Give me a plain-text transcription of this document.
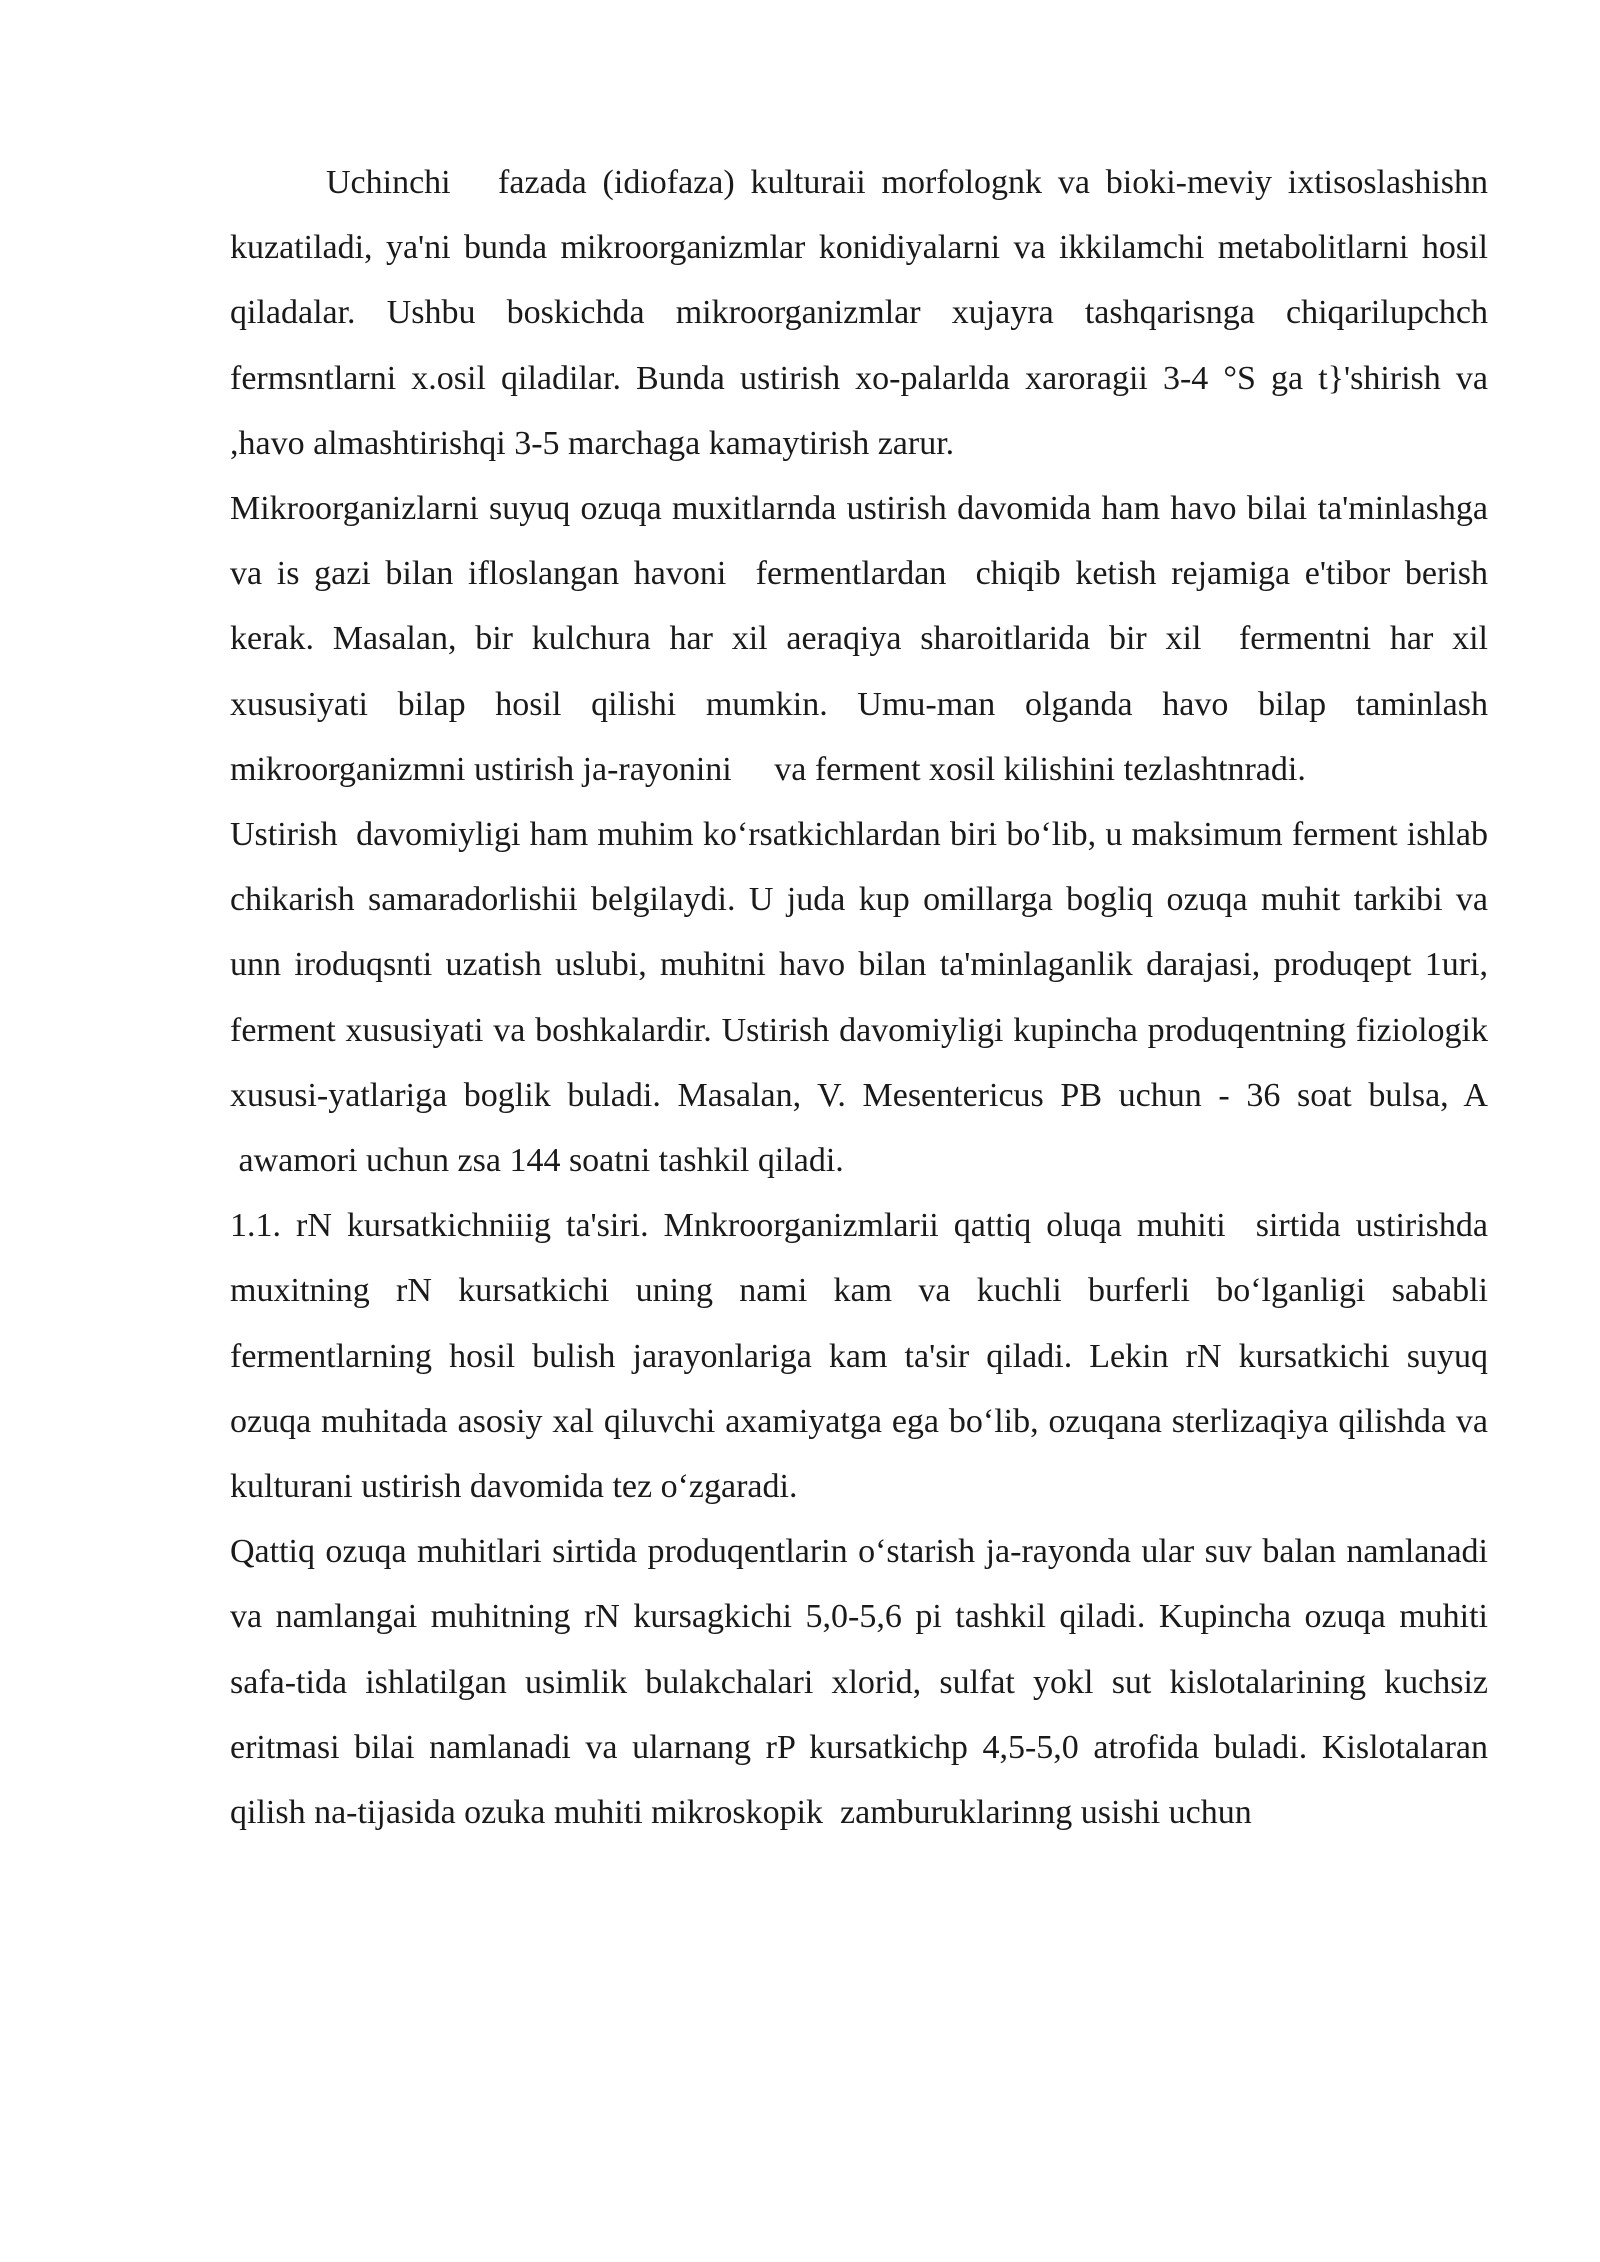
Uchinchi   fazada (idiofaza) kulturaii morfolognk va bioki-meviy ixtisoslashishn kuzatiladi, ya'ni bunda mikroorganizmlar konidiyalarni va ikkilamchi metabolitlarni hosil qiladalar. Ushbu boskichda mikroorganizmlar xujayra tashqarisnga chiqarilupchch fermsntlarni x.osil qiladilar. Bunda ustirish xo-palarlda xaroragii 3-4 °S ga t}'shirish va ,havo almashtirishqi 3-5 marchaga kamaytirish zarur.

Mikroorganizlarni suyuq ozuqa muxitlarnda ustirish davomida ham havo bilai ta'minlashga va is gazi bilan ifloslangan havoni  fermentlardan  chiqib ketish rejamiga e'tibor berish kerak. Masalan, bir kulchura har xil aeraqiya sharoitlarida bir xil  fermentni har xil xususiyati bilap hosil qilishi mumkin. Umu-man olganda havo bilap taminlash mikroorganizmni ustirish ja-rayonini     va ferment xosil kilishini tezlashtnradi.

Ustirish  davomiyligi ham muhim ko‘rsatkichlardan biri bo‘lib, u maksimum ferment ishlab chikarish samaradorlishii belgilaydi. U juda kup omillarga bogliq ozuqa muhit tarkibi va unn iroduqsnti uzatish uslubi, muhitni havo bilan ta'minlaganlik darajasi, produqept 1uri, ferment xususiyati va boshkalardir. Ustirish davomiyligi kupincha produqentning fiziologik xususi-yatlariga boglik buladi. Masalan, V. Mesentericus PB uchun - 36 soat bulsa, A  awamori uchun zsa 144 soatni tashkil qiladi.

1.1. rN kursatkichniiig ta'siri. Mnkroorganizmlarii qattiq oluqa muhiti  sirtida ustirishda muxitning rN kursatkichi uning nami kam va kuchli burferli bo‘lganligi sababli fermentlarning hosil bulish jarayonlariga kam ta'sir qiladi. Lekin rN kursatkichi suyuq ozuqa muhitada asosiy xal qiluvchi axamiyatga ega bo‘lib, ozuqana sterlizaqiya qilishda va kulturani ustirish davomida tez o‘zgaradi.

Qattiq ozuqa muhitlari sirtida produqentlarin o‘starish ja-rayonda ular suv balan namlanadi va namlangai muhitning rN kursagkichi 5,0-5,6 pi tashkil qiladi. Kupincha ozuqa muhiti safa-tida ishlatilgan usimlik bulakchalari xlorid, sulfat yokl sut kislotalarining kuchsiz eritmasi bilai namlanadi va ularnang rP kursatkichp 4,5-5,0 atrofida buladi. Kislotalaran qilish na-tijasida ozuka muhiti mikroskopik  zamburuklarinng usishi uchun
